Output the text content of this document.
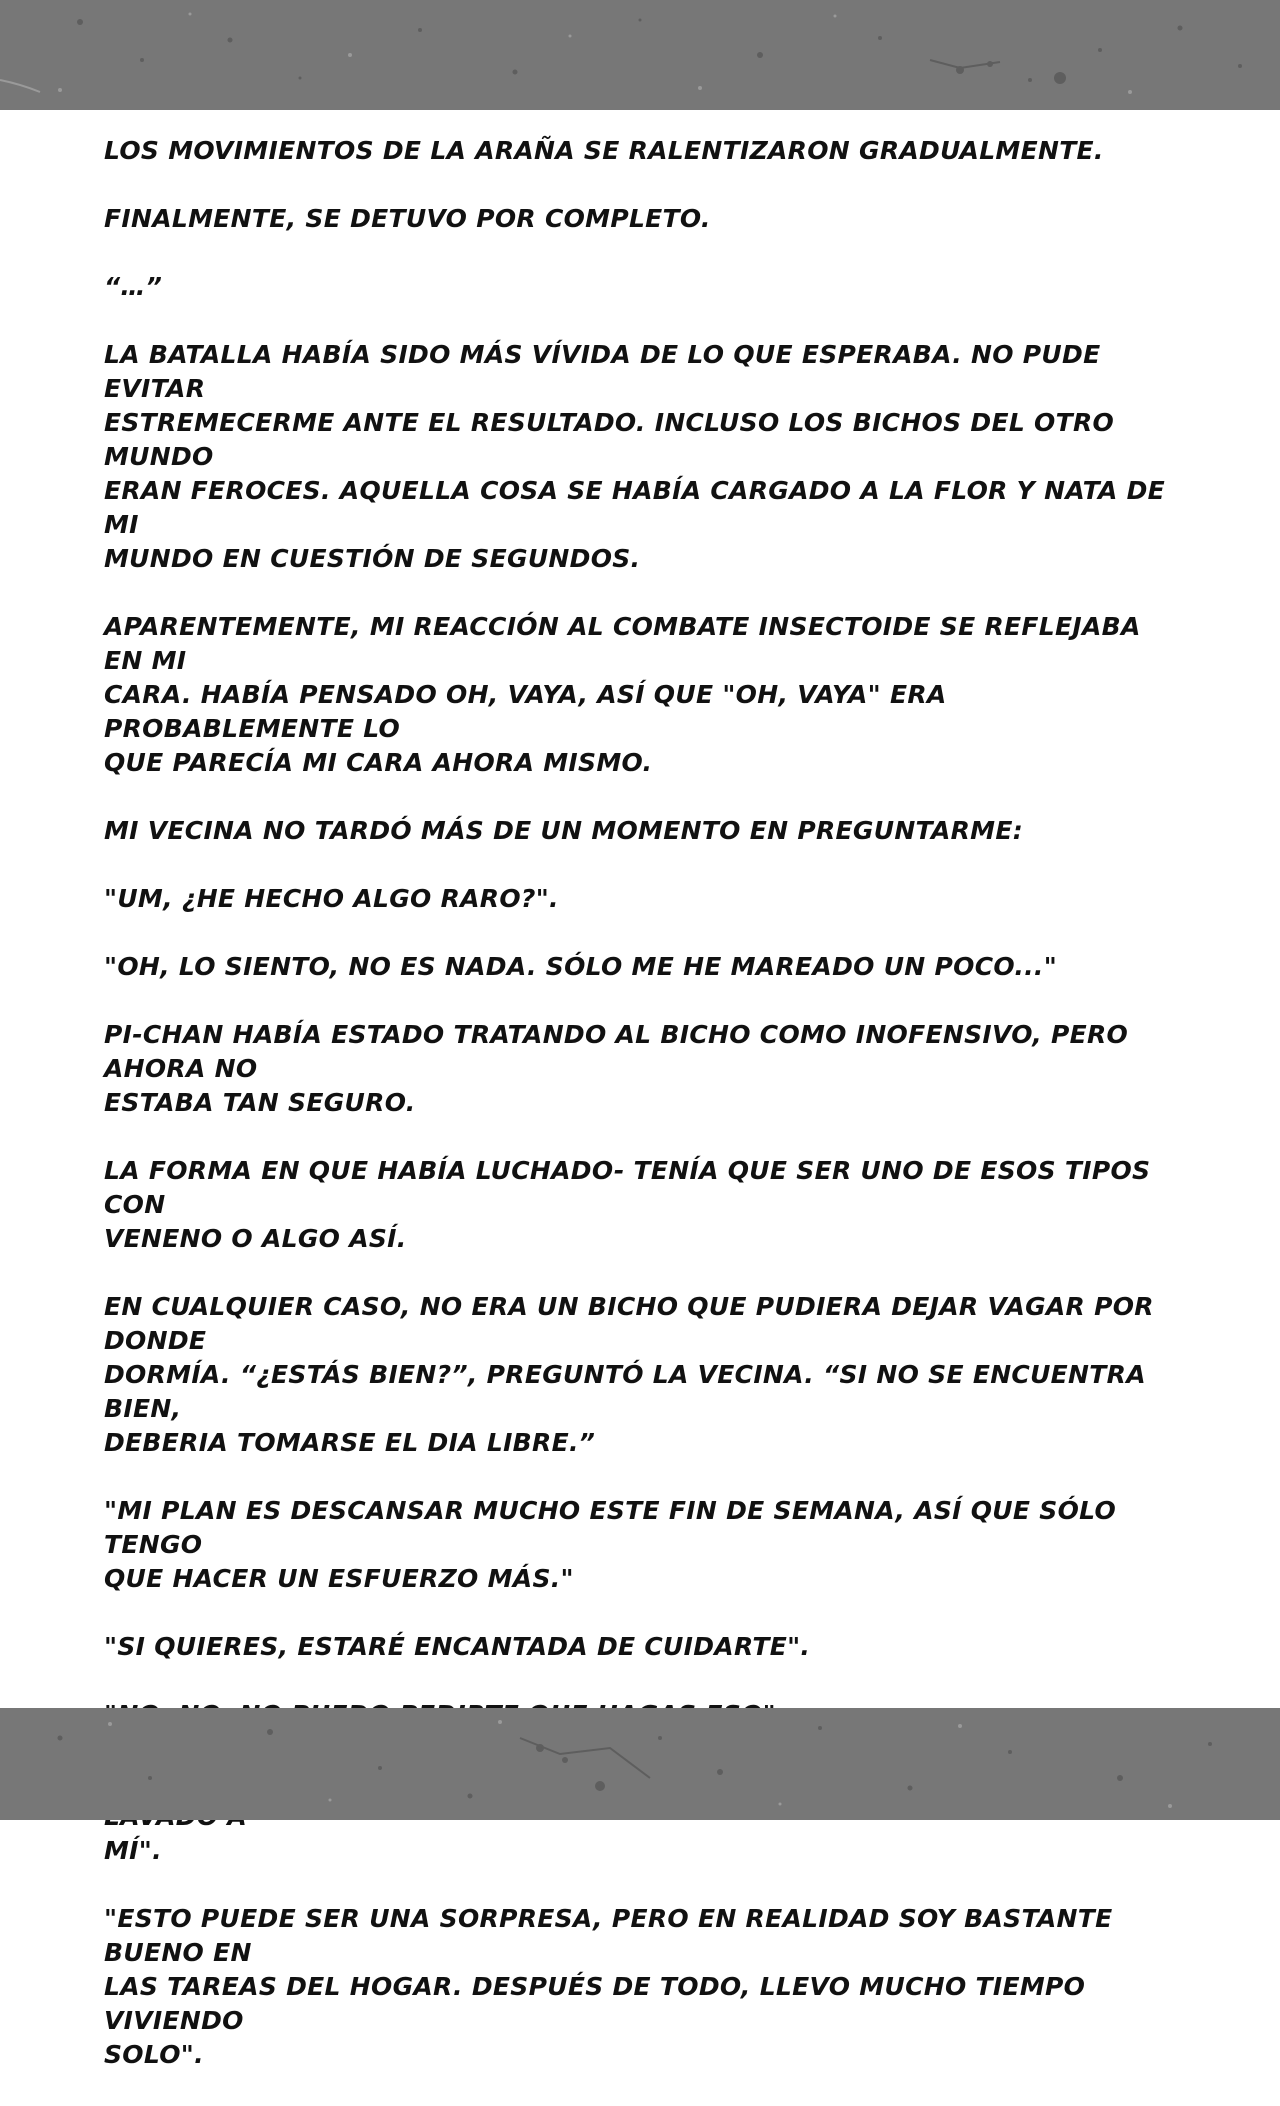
LOS MOVIMIENTOS DE LA ARAÑA SE RALENTIZARON GRADUALMENTE.

FINALMENTE, SE DETUVO POR COMPLETO.

“…”

LA BATALLA HABÍA SIDO MÁS VÍVIDA DE LO QUE ESPERABA. NO PUDE EVITAR
ESTREMECERME ANTE EL RESULTADO. INCLUSO LOS BICHOS DEL OTRO MUNDO
ERAN FEROCES. AQUELLA COSA SE HABÍA CARGADO A LA FLOR Y NATA DE MI
MUNDO EN CUESTIÓN DE SEGUNDOS.

APARENTEMENTE, MI REACCIÓN AL COMBATE INSECTOIDE SE REFLEJABA EN MI
CARA. HABÍA PENSADO OH, VAYA, ASÍ QUE "OH, VAYA" ERA PROBABLEMENTE LO
QUE PARECÍA MI CARA AHORA MISMO.

MI VECINA NO TARDÓ MÁS DE UN MOMENTO EN PREGUNTARME:

"UM, ¿HE HECHO ALGO RARO?".

"OH, LO SIENTO, NO ES NADA. SÓLO ME HE MAREADO UN POCO..."

PI-CHAN HABÍA ESTADO TRATANDO AL BICHO COMO INOFENSIVO, PERO AHORA NO
ESTABA TAN SEGURO.

LA FORMA EN QUE HABÍA LUCHADO- TENÍA QUE SER UNO DE ESOS TIPOS CON
VENENO O ALGO ASÍ.

EN CUALQUIER CASO, NO ERA UN BICHO QUE PUDIERA DEJAR VAGAR POR DONDE
DORMÍA. “¿ESTÁS BIEN?”, PREGUNTÓ LA VECINA. “SI NO SE ENCUENTRA BIEN,
DEBERIA TOMARSE EL DIA LIBRE.”

"MI PLAN ES DESCANSAR MUCHO ESTE FIN DE SEMANA, ASÍ QUE SÓLO TENGO
QUE HACER UN ESFUERZO MÁS."

"SI QUIERES, ESTARÉ ENCANTADA DE CUIDARTE".

MÍ".

"ESTO PUEDE SER UNA SORPRESA, PERO EN REALIDAD SOY BASTANTE BUENO EN
LAS TAREAS DEL HOGAR. DESPUÉS DE TODO, LLEVO MUCHO TIEMPO VIVIENDO
SOLO".
